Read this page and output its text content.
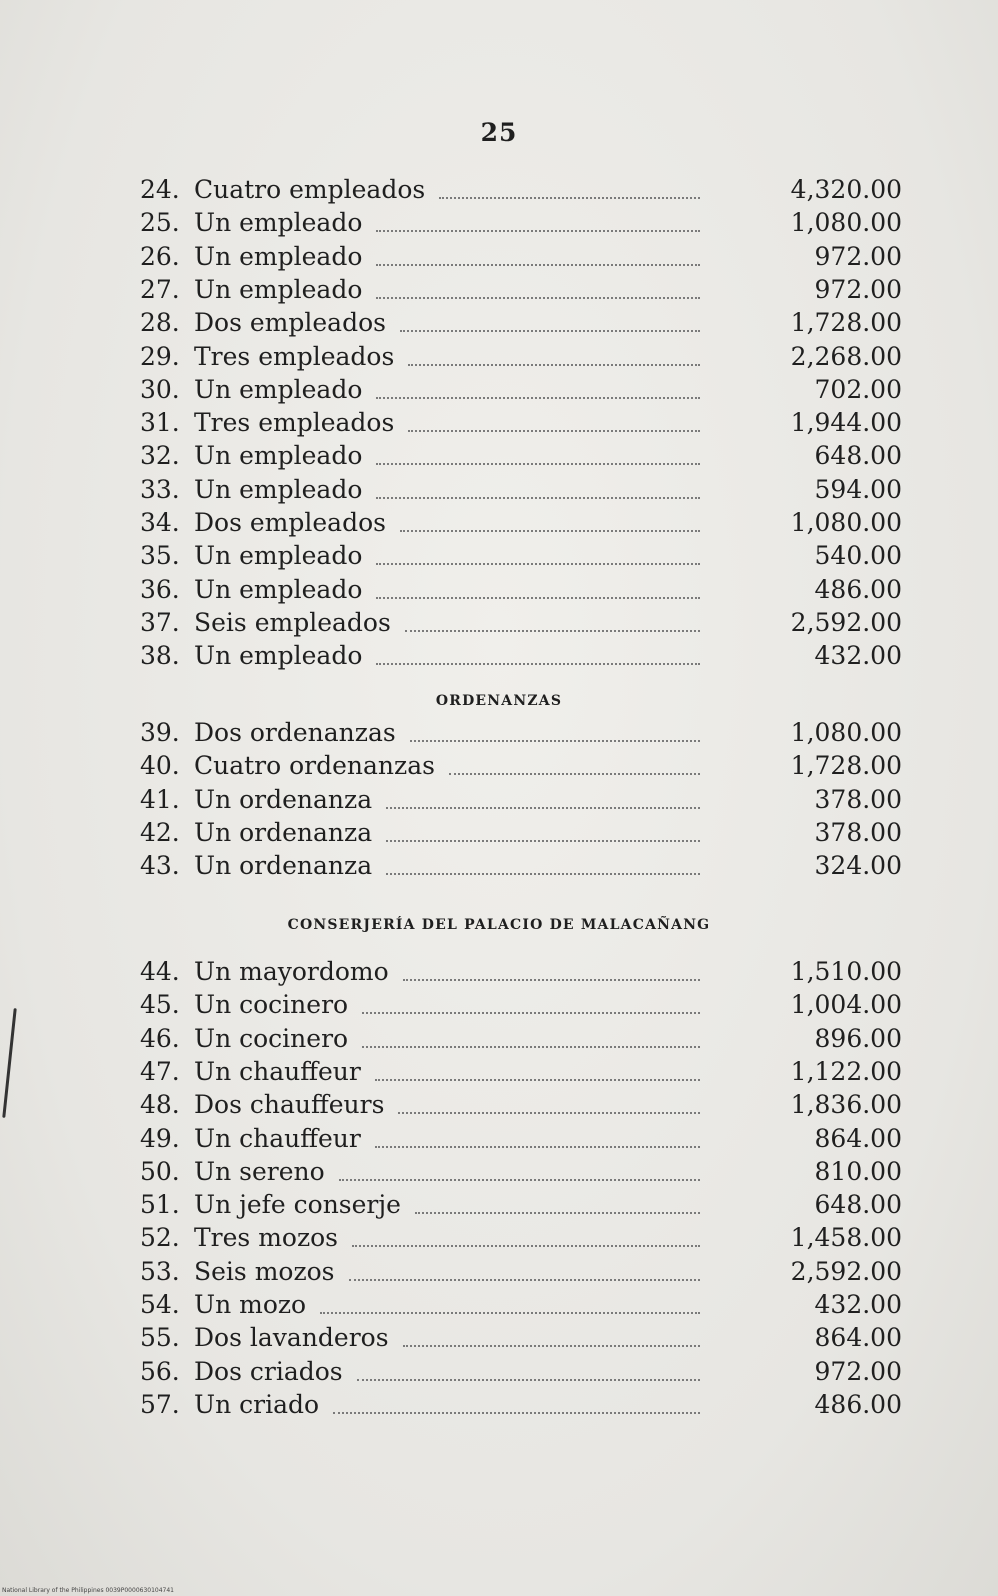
25
24. Cuatro empleados	4,320.00
25. Un empleado	1,080.00
26. Un empleado	972.00
27. Un empleado	972.00
28. Dos empleados	1,728.00
29. Tres empleados	2,268.00
30. Un empleado	702.00
31. Tres empleados	1,944.00
32. Un empleado	648.00
33. Un empleado	594.00
34. Dos empleados	1,080.00
35. Un empleado	540.00
36. Un empleado	486.00
37. Seis empleados	2,592.00
38. Un empleado	432.00
ORDENANZAS
39. Dos ordenanzas	1,080.00
40. Cuatro ordenanzas	1,728.00
41. Un ordenanza	378.00
42. Un ordenanza	378.00
43. Un ordenanza	324.00
CONSERJERÍA DEL PALACIO DE MALACAÑANG
44. Un mayordomo	1,510.00
45. Un cocinero	1,004.00
46. Un cocinero	896.00
47. Un chauffeur	1,122.00
48. Dos chauffeurs	1,836.00
49. Un chauffeur	864.00
50. Un sereno	810.00
51. Un jefe conserje	648.00
52. Tres mozos	1,458.00
53. Seis mozos	2,592.00
54. Un mozo	432.00
55. Dos lavanderos	864.00
56. Dos criados	972.00
57. Un criado	486.00
National Library of the Philippines 0039P0000630104741
